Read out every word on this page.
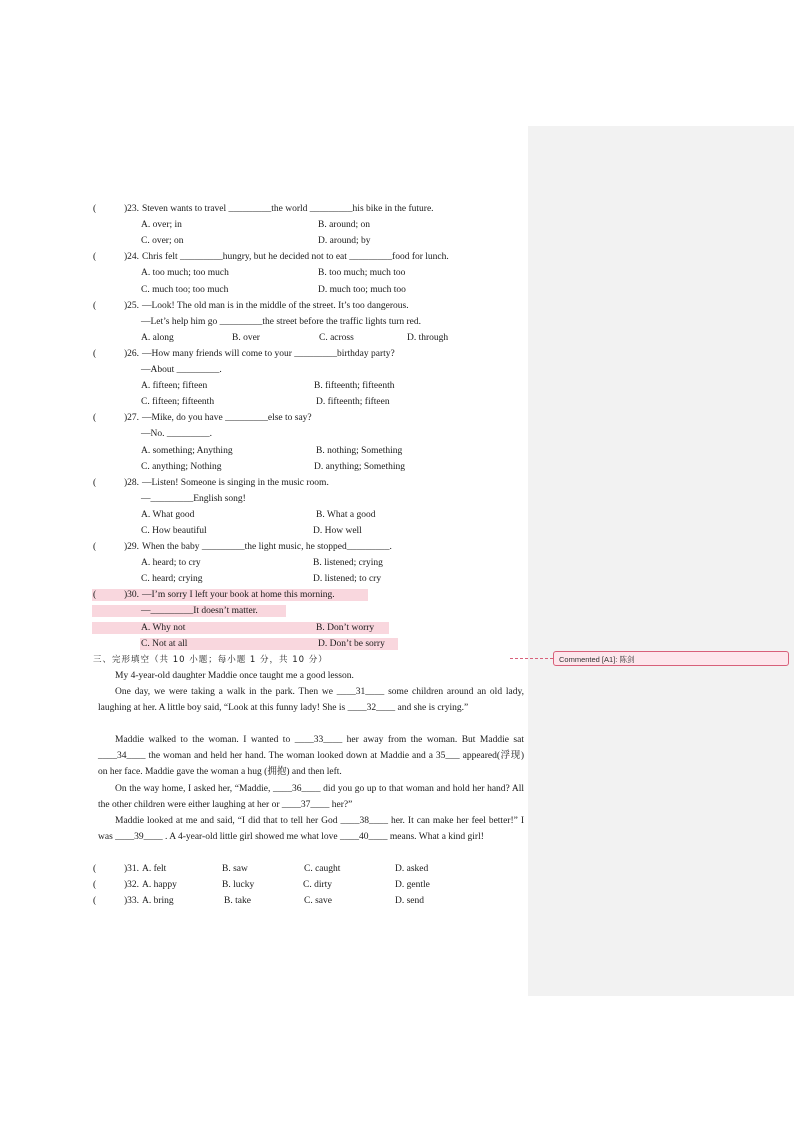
Commented [A1]: 陈剑
(	)23. Steven wants to travel _________the world _________his bike in the future.
A. over; in	B. around; on
C. over; on	D. around; by
(	)24. Chris felt _________hungry, but he decided not to eat _________food for lunch.
A. too much; too much	B. too much; much too
C. much too; too much	D. much too; much too
(	)25. —Look! The old man is in the middle of the street. It’s too dangerous.
—Let’s help him go _________the street before the traffic lights turn red.
A. along	B. over	C. across	D. through
(	)26. —How many friends will come to your _________birthday party?
—About _________.
A. fifteen; fifteen	B. fifteenth; fifteenth
C. fifteen; fifteenth	D. fifteenth; fifteen
(	)27. —Mike, do you have _________else to say?
—No. _________.
A. something; Anything	B. nothing; Something
C. anything; Nothing	D. anything; Something
(	)28. —Listen! Someone is singing in the music room.
—_________English song!
A. What good	B. What a good
C. How beautiful	D. How well
(	)29. When the baby _________the light music, he stopped_________.
A. heard; to cry	B. listened; crying
C. heard; crying	D. listened; to cry
(	)30. —I’m sorry I left your book at home this morning.
—_________It doesn’t matter.
A. Why not	B. Don’t worry
C. Not at all	D. Don’t be sorry
三、完形填空（共 10 小题；每小题 1 分，共 10 分）
My 4-year-old daughter Maddie once taught me a good lesson.
One day, we were taking a walk in the park. Then we ____31____ some children around an old lady, laughing at her. A little boy said, “Look at this funny lady! She is ____32____ and she is crying.”
Maddie walked to the woman. I wanted to ____33____ her away from the woman. But Maddie sat ____34____ the woman and held her hand. The woman looked down at Maddie and a 35___ appeared(浮现) on her face. Maddie gave the woman a hug (拥抱) and then left.
On the way home, I asked her, “Maddie, ____36____ did you go up to that woman and hold her hand? All the other children were either laughing at her or ____37____ her?”
Maddie looked at me and said, “I did that to tell her God ____38____ her. It can make her feel better!” I was ____39____ . A 4-year-old little girl showed me what love ____40____ means. What a kind girl!
(	)31. A. felt	B. saw	C. caught	D. asked
(	)32. A. happy	B. lucky	C. dirty	D. gentle
(	)33. A. bring	B. take	C. save	D. send
